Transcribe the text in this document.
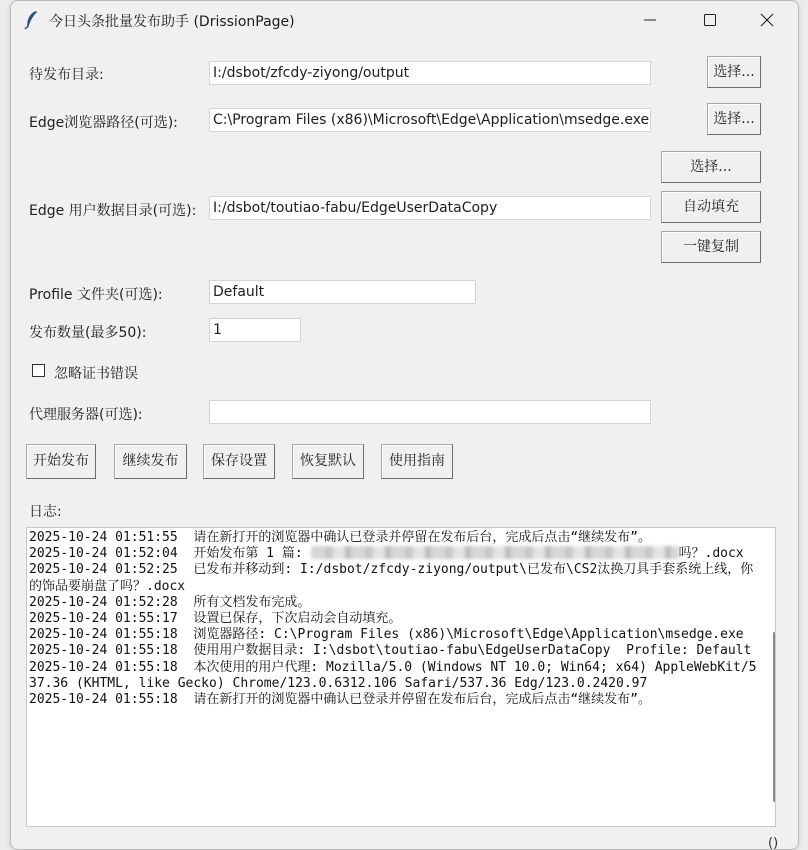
今日头条批量发布助手 (DrissionPage)
待发布目录:	I:/dsbot/zfcdy-ziyong/output	选择...
Edge浏览器路径(可选):	C:\Program Files (x86)\Microsoft\Edge\Application\msedge.exe	选择...
选择...
Edge 用户数据目录(可选): I:/dsbot/toutiao-fabu/EdgeUserDataCopy	自动填充
一键复制
Profile 文件夹(可选):	Default
发布数量(最多50):	1
忽略证书错误
代理服务器(可选):
开始发布	继续发布	保存设置	恢复默认	使用指南
日志:
2025-10-24 01:51:55  请在新打开的浏览器中确认已登录并停留在发布后台，完成后点击“继续发布”。
2025-10-24 01:52:04  开始发布第 1 篇:	吗？.docx
2025-10-24 01:52:25  已发布并移动到: I:/dsbot/zfcdy-ziyong/output\已发布\CS2汰换刀具手套系统上线，你的饰品要崩盘了吗？.docx
2025-10-24 01:52:28  所有文档发布完成。
2025-10-24 01:55:17  设置已保存，下次启动会自动填充。
2025-10-24 01:55:18  浏览器路径: C:\Program Files (x86)\Microsoft\Edge\Application\msedge.exe
2025-10-24 01:55:18  使用用户数据目录: I:\dsbot\toutiao-fabu\EdgeUserDataCopy  Profile: Default
2025-10-24 01:55:18  本次使用的用户代理: Mozilla/5.0 (Windows NT 10.0; Win64; x64) AppleWebKit/537.36 (KHTML, like Gecko) Chrome/123.0.6312.106 Safari/537.36 Edg/123.0.2420.97
2025-10-24 01:55:18  请在新打开的浏览器中确认已登录并停留在发布后台，完成后点击“继续发布”。
()
